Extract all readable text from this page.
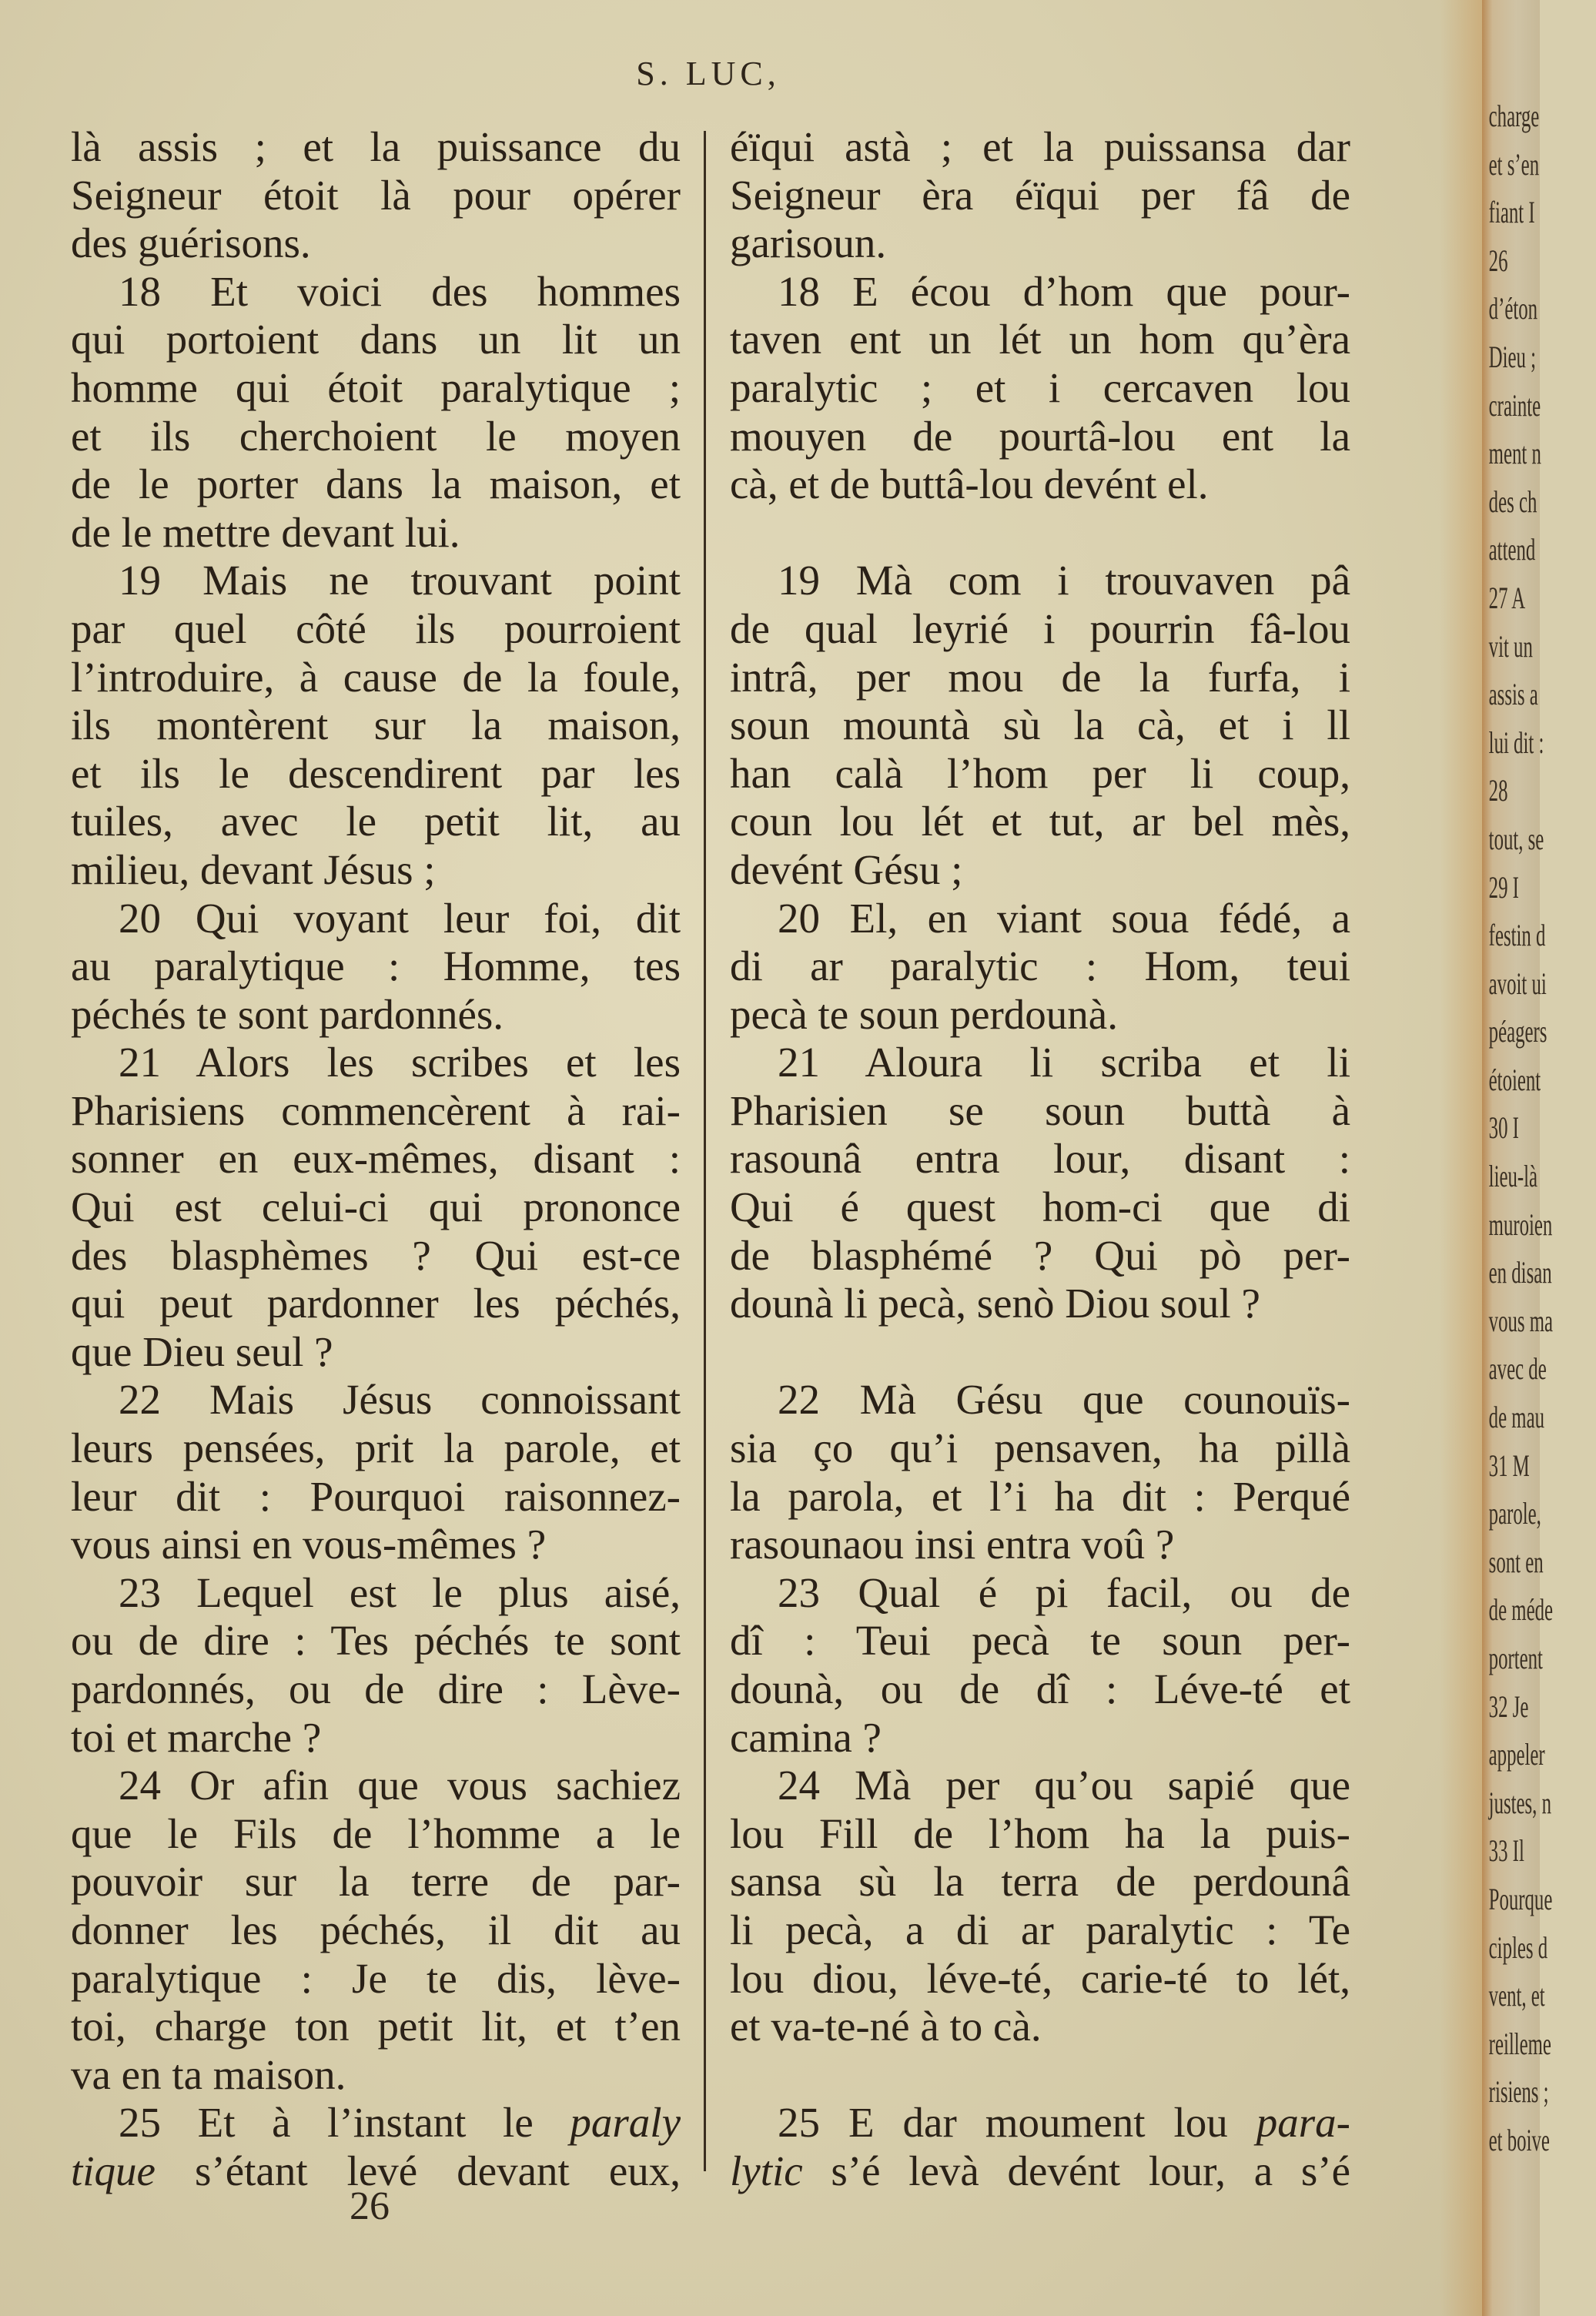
S. LUC,
là assis ; et la puissance du
Seigneur étoit là pour opérer
des guérisons.
18 Et voici des hommes
qui portoient dans un lit un
homme qui étoit paralytique ;
et ils cherchoient le moyen
de le porter dans la maison, et
de le mettre devant lui.
19 Mais ne trouvant point
par quel côté ils pourroient
l’introduire, à cause de la foule,
ils montèrent sur la maison,
et ils le descendirent par les
tuiles, avec le petit lit, au
milieu, devant Jésus ;
20 Qui voyant leur foi, dit
au paralytique : Homme, tes
péchés te sont pardonnés.
21 Alors les scribes et les
Pharisiens commencèrent à rai-
sonner en eux-mêmes, disant :
Qui est celui-ci qui prononce
des blasphèmes ? Qui est-ce
qui peut pardonner les péchés,
que Dieu seul ?
22 Mais Jésus connoissant
leurs pensées, prit la parole, et
leur dit : Pourquoi raisonnez-
vous ainsi en vous-mêmes ?
23 Lequel est le plus aisé,
ou de dire : Tes péchés te sont
pardonnés, ou de dire : Lève-
toi et marche ?
24 Or afin que vous sachiez
que le Fils de l’homme a le
pouvoir sur la terre de par-
donner les péchés, il dit au
paralytique : Je te dis, lève-
toi, charge ton petit lit, et t’en
va en ta maison.
25 Et à l’instant le paraly
tique s’étant levé devant eux,
éïqui astà ; et la puissansa dar
Seigneur èra éïqui per fâ de
garisoun.
18 E écou d’hom que pour-
taven ent un lét un hom qu’èra
paralytic ; et i cercaven lou
mouyen de pourtâ-lou ent la
cà, et de buttâ-lou devént el.

19 Mà com i trouvaven pâ
de qual leyrié i pourrin fâ-lou
intrâ, per mou de la furfa, i
soun mountà sù la cà, et i ll
han calà l’hom per li coup,
coun lou lét et tut, ar bel mès,
devént Gésu ;
20 El, en viant soua fédé, a
di ar paralytic : Hom, teui
pecà te soun perdounà.
21 Aloura li scriba et li
Pharisien se soun buttà à
rasounâ entra lour, disant :
Qui é quest hom-ci que di
de blasphémé ? Qui pò per-
dounà li pecà, senò Diou soul ?

22 Mà Gésu que counouïs-
sia ço qu’i pensaven, ha pillà
la parola, et l’i ha dit : Perqué
rasounaou insi entra voû ?
23 Qual é pi facil, ou de
dî : Teui pecà te soun per-
dounà, ou de dî : Léve-té et
camina ?
24 Mà per qu’ou sapié que
lou Fill de l’hom ha la puis-
sansa sù la terra de perdounâ
li pecà, a di ar paralytic : Te
lou diou, léve-té, carie-té to lét,
et va-te-né à to cà.

25 E dar moument lou para-
lytic s’é levà devént lour, a s’é
26
charge
et s’en
fiant I
26
d’éton
Dieu ;
crainte
ment n
des ch
attend
27 A
vit un
assis a
lui dit :
28
tout, se
29 I
festin d
avoit ui
péagers
étoient
30 I
lieu-là
muroien
en disan
vous ma
avec de
de mau
31 M
parole,
sont en
de méde
portent
32 Je
appeler
justes, n
33 Il
Pourque
ciples d
vent, et
reilleme
risiens ;
et boive
